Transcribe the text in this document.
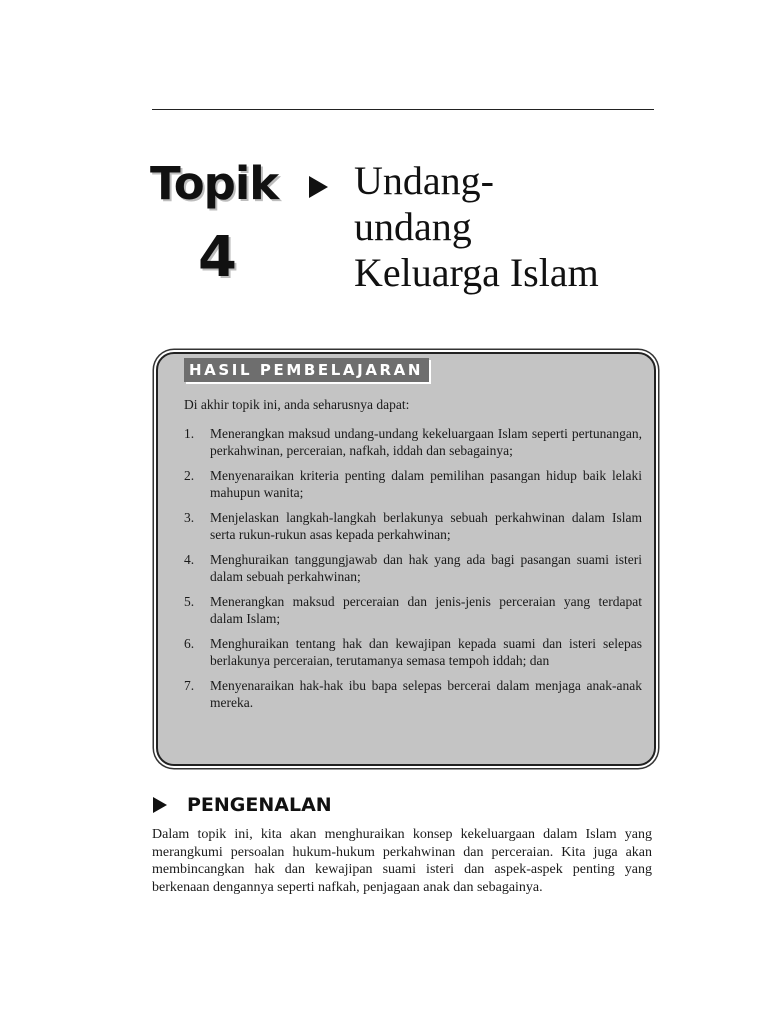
Topik
4
Undang-
undang
Keluarga Islam
HASIL PEMBELAJARAN
Di akhir topik ini, anda seharusnya dapat:
1.	Menerangkan maksud undang-undang kekeluargaan Islam seperti pertunangan, perkahwinan, perceraian, nafkah, iddah dan sebagainya;
2.	Menyenaraikan kriteria penting dalam pemilihan pasangan hidup baik lelaki mahupun wanita;
3.	Menjelaskan langkah-langkah berlakunya sebuah perkahwinan dalam Islam serta rukun-rukun asas kepada perkahwinan;
4.	Menghuraikan tanggungjawab dan hak yang ada bagi pasangan suami isteri dalam sebuah perkahwinan;
5.	Menerangkan maksud perceraian dan jenis-jenis perceraian yang terdapat dalam Islam;
6.	Menghuraikan tentang hak dan kewajipan kepada suami dan isteri selepas berlakunya perceraian, terutamanya semasa tempoh iddah; dan
7.	Menyenaraikan hak-hak ibu bapa selepas bercerai dalam menjaga anak-anak mereka.
PENGENALAN

Dalam topik ini, kita akan menghuraikan konsep kekeluargaan dalam Islam yang merangkumi persoalan hukum-hukum perkahwinan dan perceraian. Kita juga akan membincangkan hak dan kewajipan suami isteri dan aspek-aspek penting yang berkenaan dengannya seperti nafkah, penjagaan anak dan sebagainya.
